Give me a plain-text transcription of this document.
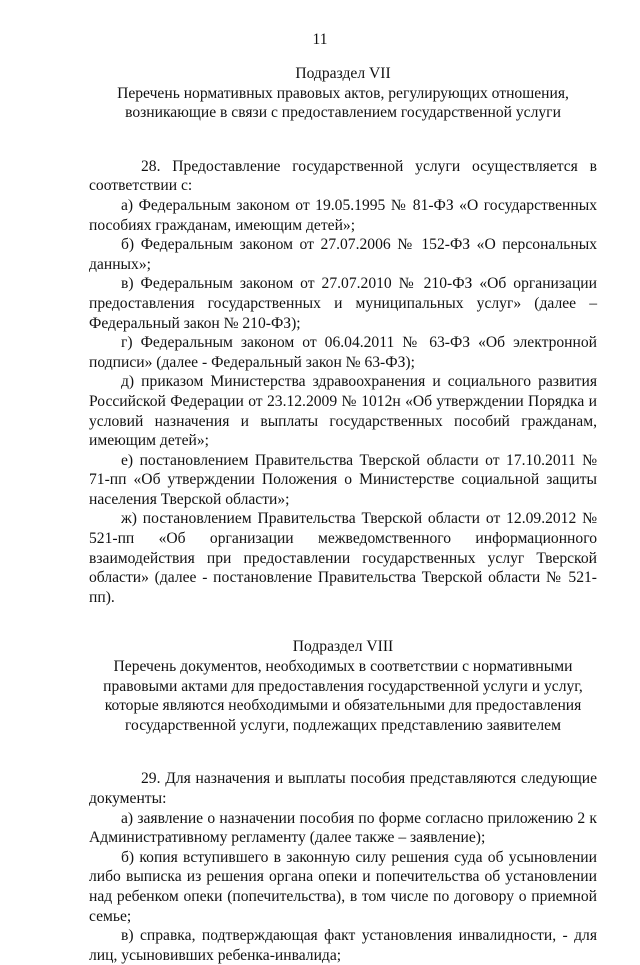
11
Подраздел VII
Перечень нормативных правовых актов, регулирующих отношения, возникающие в связи с предоставлением государственной услуги

28. Предоставление государственной услуги осуществляется в соответствии с:

а) Федеральным законом от 19.05.1995 № 81-ФЗ «О государственных пособиях гражданам, имеющим детей»;

б) Федеральным законом от 27.07.2006 № 152-ФЗ «О персональных данных»;

в) Федеральным законом от 27.07.2010 № 210-ФЗ «Об организации предоставления государственных и муниципальных услуг» (далее – Федеральный закон № 210-ФЗ);

г) Федеральным законом от 06.04.2011 № 63-ФЗ «Об электронной подписи» (далее - Федеральный закон № 63-ФЗ);

д) приказом Министерства здравоохранения и социального развития Российской Федерации от 23.12.2009 № 1012н «Об утверждении Порядка и условий назначения и выплаты государственных пособий гражданам, имеющим детей»;

е) постановлением Правительства Тверской области от 17.10.2011 № 71-пп «Об утверждении Положения о Министерстве социальной защиты населения Тверской области»;

ж) постановлением Правительства Тверской области от 12.09.2012 № 521-пп «Об организации межведомственного информационного взаимодействия при предоставлении государственных услуг Тверской области» (далее - постановление Правительства Тверской области № 521-пп).

Подраздел VIII
Перечень документов, необходимых в соответствии с нормативными правовыми актами для предоставления государственной услуги и услуг, которые являются необходимыми и обязательными для предоставления государственной услуги, подлежащих представлению заявителем

29. Для назначения и выплаты пособия представляются следующие документы:

а) заявление о назначении пособия по форме согласно приложению 2 к Административному регламенту (далее также – заявление);

б) копия вступившего в законную силу решения суда об усыновлении либо выписка из решения органа опеки и попечительства об установлении над ребенком опеки (попечительства), в том числе по договору о приемной семье;

в) справка, подтверждающая факт установления инвалидности, - для лиц, усыновивших ребенка-инвалида;
